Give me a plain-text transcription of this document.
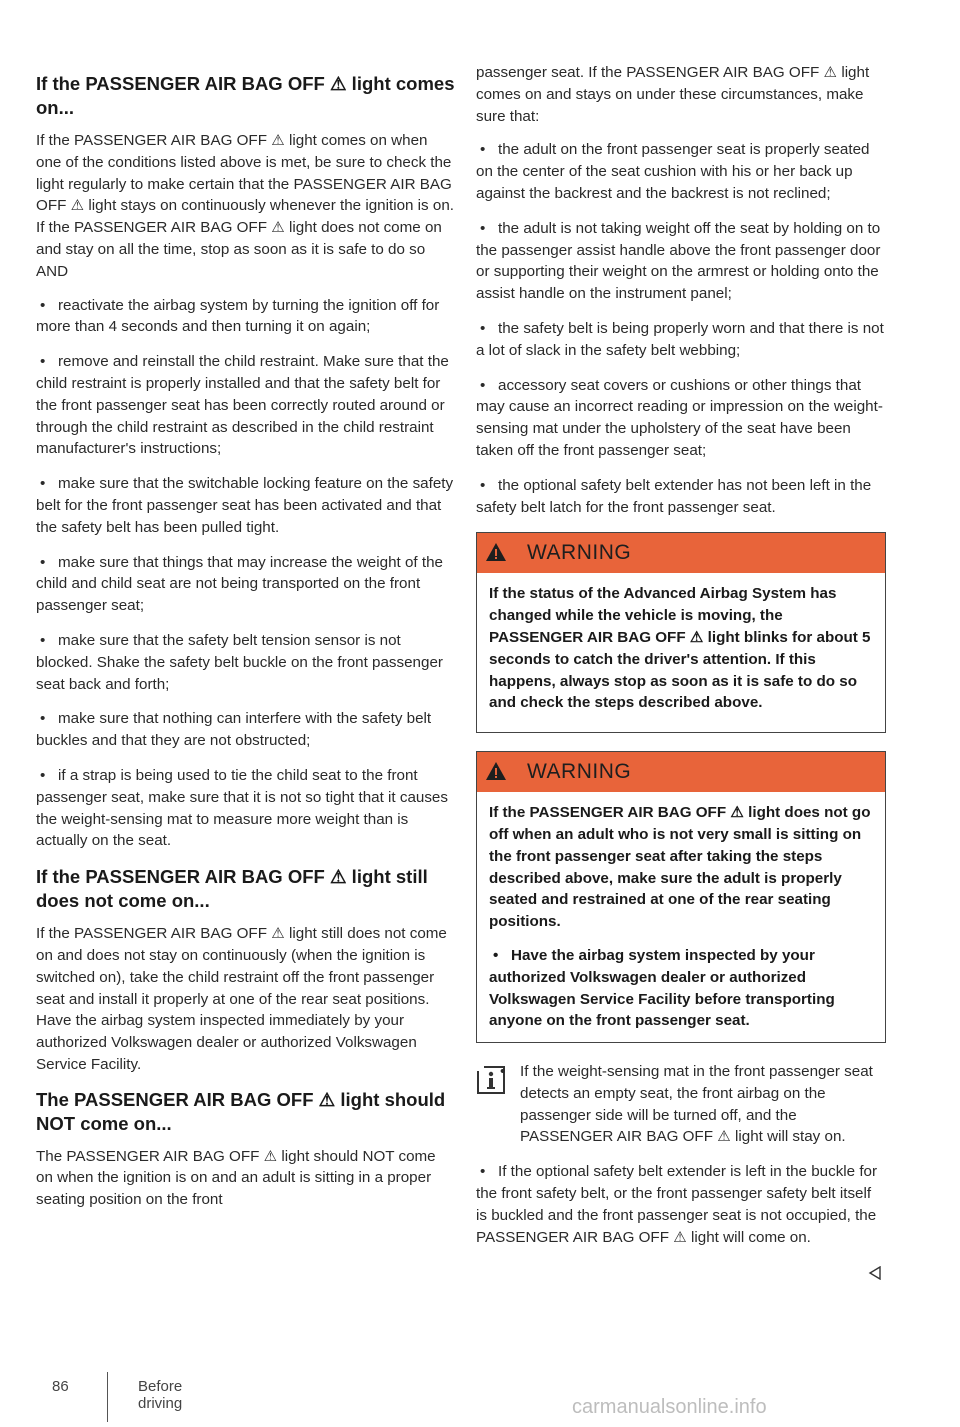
If the PASSENGER AIR BAG OFF ⚠ light comes on...

If the PASSENGER AIR BAG OFF ⚠ light comes on when one of the conditions listed above is met, be sure to check the light regularly to make certain that the PASSENGER AIR BAG OFF ⚠ light stays on continuously whenever the ignition is on. If the PASSENGER AIR BAG OFF ⚠ light does not come on and stay on all the time, stop as soon as it is safe to do so AND

• reactivate the airbag system by turning the ignition off for more than 4 seconds and then turning it on again;
• remove and reinstall the child restraint. Make sure that the child restraint is properly installed and that the safety belt for the front passenger seat has been correctly routed around or through the child restraint as described in the child restraint manufacturer's instructions;
• make sure that the switchable locking feature on the safety belt for the front passenger seat has been activated and that the safety belt has been pulled tight.
• make sure that things that may increase the weight of the child and child seat are not being transported on the front passenger seat;
• make sure that the safety belt tension sensor is not blocked. Shake the safety belt buckle on the front passenger seat back and forth;
• make sure that nothing can interfere with the safety belt buckles and that they are not obstructed;
• if a strap is being used to tie the child seat to the front passenger seat, make sure that it is not so tight that it causes the weight-sensing mat to measure more weight than is actually on the seat.
If the PASSENGER AIR BAG OFF ⚠ light still does not come on...

If the PASSENGER AIR BAG OFF ⚠ light still does not come on and does not stay on continuously (when the ignition is switched on), take the child restraint off the front passenger seat and install it properly at one of the rear seat positions. Have the airbag system inspected immediately by your authorized Volkswagen dealer or authorized Volkswagen Service Facility.

The PASSENGER AIR BAG OFF ⚠ light should NOT come on...

The PASSENGER AIR BAG OFF ⚠ light should NOT come on when the ignition is on and an adult is sitting in a proper seating position on the front

passenger seat. If the PASSENGER AIR BAG OFF ⚠ light comes on and stays on under these circumstances, make sure that:

• the adult on the front passenger seat is properly seated on the center of the seat cushion with his or her back up against the backrest and the backrest is not reclined;
• the adult is not taking weight off the seat by holding on to the passenger assist handle above the front passenger door or supporting their weight on the armrest or holding onto the assist handle on the instrument panel;
• the safety belt is being properly worn and that there is not a lot of slack in the safety belt webbing;
• accessory seat covers or cushions or other things that may cause an incorrect reading or impression on the weight-sensing mat under the upholstery of the seat have been taken off the front passenger seat;
• the optional safety belt extender has not been left in the safety belt latch for the front passenger seat.
WARNING

If the status of the Advanced Airbag System has changed while the vehicle is moving, the PASSENGER AIR BAG OFF ⚠ light blinks for about 5 seconds to catch the driver's attention. If this happens, always stop as soon as it is safe to do so and check the steps described above.

WARNING

If the PASSENGER AIR BAG OFF ⚠ light does not go off when an adult who is not very small is sitting on the front passenger seat after taking the steps described above, make sure the adult is properly seated and restrained at one of the rear seating positions.

• Have the airbag system inspected by your authorized Volkswagen dealer or authorized Volkswagen Service Facility before transporting anyone on the front passenger seat.
• If the weight-sensing mat in the front passenger seat detects an empty seat, the front airbag on the passenger side will be turned off, and the PASSENGER AIR BAG OFF ⚠ light will stay on.
• If the optional safety belt extender is left in the buckle for the front safety belt, or the front passenger safety belt itself is buckled and the front passenger seat is not occupied, the PASSENGER AIR BAG OFF ⚠ light will come on.
86	Before driving	carmanualsonline.info
